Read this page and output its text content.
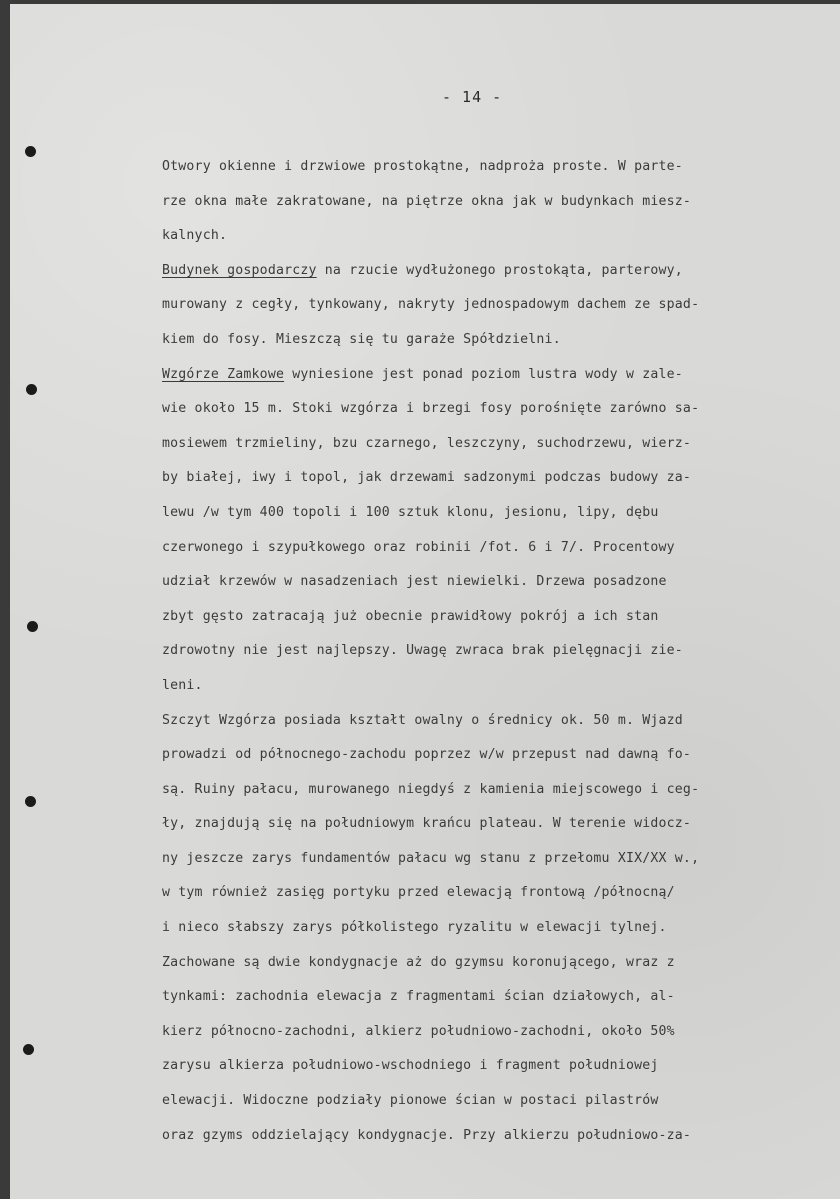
- 14 -
Otwory okienne i drzwiowe prostokątne, nadproża proste. W parte-
rze okna małe zakratowane, na piętrze okna jak w budynkach miesz-
kalnych.
Budynek gospodarczy na rzucie wydłużonego prostokąta, parterowy,
murowany z cegły, tynkowany, nakryty jednospadowym dachem ze spad-
kiem do fosy. Mieszczą się tu garaże Spółdzielni.
Wzgórze Zamkowe wyniesione jest ponad poziom lustra wody w zale-
wie około 15 m. Stoki wzgórza i brzegi fosy porośnięte zarówno sa-
mosiewem trzmieliny, bzu czarnego, leszczyny, suchodrzewu, wierz-
by białej, iwy i topol, jak drzewami sadzonymi podczas budowy za-
lewu /w tym 400 topoli i 100 sztuk klonu, jesionu, lipy, dębu
czerwonego i szypułkowego oraz robinii /fot. 6 i 7/. Procentowy
udział krzewów w nasadzeniach jest niewielki. Drzewa posadzone
zbyt gęsto zatracają już obecnie prawidłowy pokrój a ich stan
zdrowotny nie jest najlepszy. Uwagę zwraca brak pielęgnacji zie-
leni.
Szczyt Wzgórza posiada kształt owalny o średnicy ok. 50 m. Wjazd
prowadzi od północnego-zachodu poprzez w/w przepust nad dawną fo-
są. Ruiny pałacu, murowanego niegdyś z kamienia miejscowego i ceg-
ły, znajdują się na południowym krańcu plateau. W terenie widocz-
ny jeszcze zarys fundamentów pałacu wg stanu z przełomu XIX/XX w.,
w tym również zasięg portyku przed elewacją frontową /północną/
i nieco słabszy zarys półkolistego ryzalitu w elewacji tylnej.
Zachowane są dwie kondygnacje aż do gzymsu koronującego, wraz z
tynkami: zachodnia elewacja z fragmentami ścian działowych, al-
kierz północno-zachodni, alkierz południowo-zachodni, około 50%
zarysu alkierza południowo-wschodniego i fragment południowej
elewacji. Widoczne podziały pionowe ścian w postaci pilastrów
oraz gzyms oddzielający kondygnacje. Przy alkierzu południowo-za-
